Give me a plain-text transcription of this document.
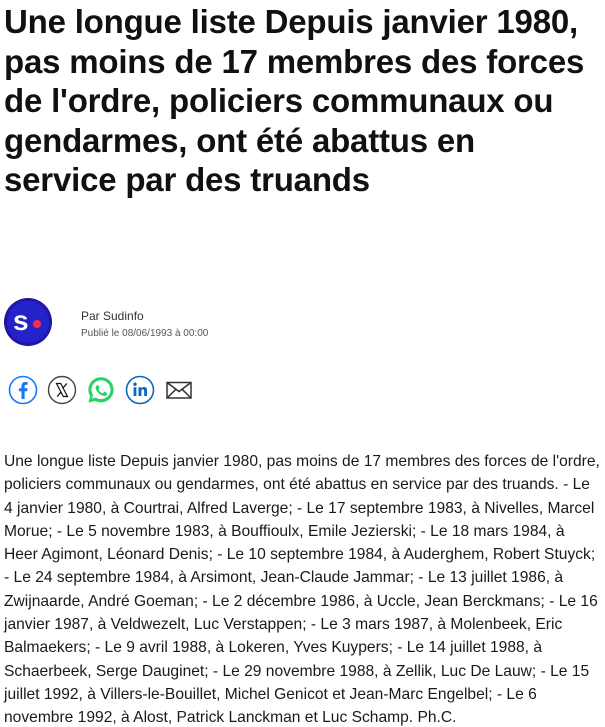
Une longue liste Depuis janvier 1980, pas moins de 17 membres des forces de l'ordre, policiers communaux ou gendarmes, ont été abattus en service par des truands
s	Par Sudinfo
Publié le 08/06/1993 à 00:00

Une longue liste Depuis janvier 1980, pas moins de 17 membres des forces de l'ordre, policiers communaux ou gendarmes, ont été abattus en service par des truands. - Le 4 janvier 1980, à Courtrai, Alfred Laverge; - Le 17 septembre 1983, à Nivelles, Marcel Morue; - Le 5 novembre 1983, à Bouffioulx, Emile Jezierski; - Le 18 mars 1984, à Heer Agimont, Léonard Denis; - Le 10 septembre 1984, à Auderghem, Robert Stuyck; - Le 24 septembre 1984, à Arsimont, Jean-Claude Jammar; - Le 13 juillet 1986, à Zwijnaarde, André Goeman; - Le 2 décembre 1986, à Uccle, Jean Berckmans; - Le 16 janvier 1987, à Veldwezelt, Luc Verstappen; - Le 3 mars 1987, à Molenbeek, Eric Balmaekers; - Le 9 avril 1988, à Lokeren, Yves Kuypers; - Le 14 juillet 1988, à Schaerbeek, Serge Dauginet; - Le 29 novembre 1988, à Zellik, Luc De Lauw; - Le 15 juillet 1992, à Villers-le-Bouillet, Michel Genicot et Jean-Marc Engelbel; - Le 6 novembre 1992, à Alost, Patrick Lanckman et Luc Schamp. Ph.C.
